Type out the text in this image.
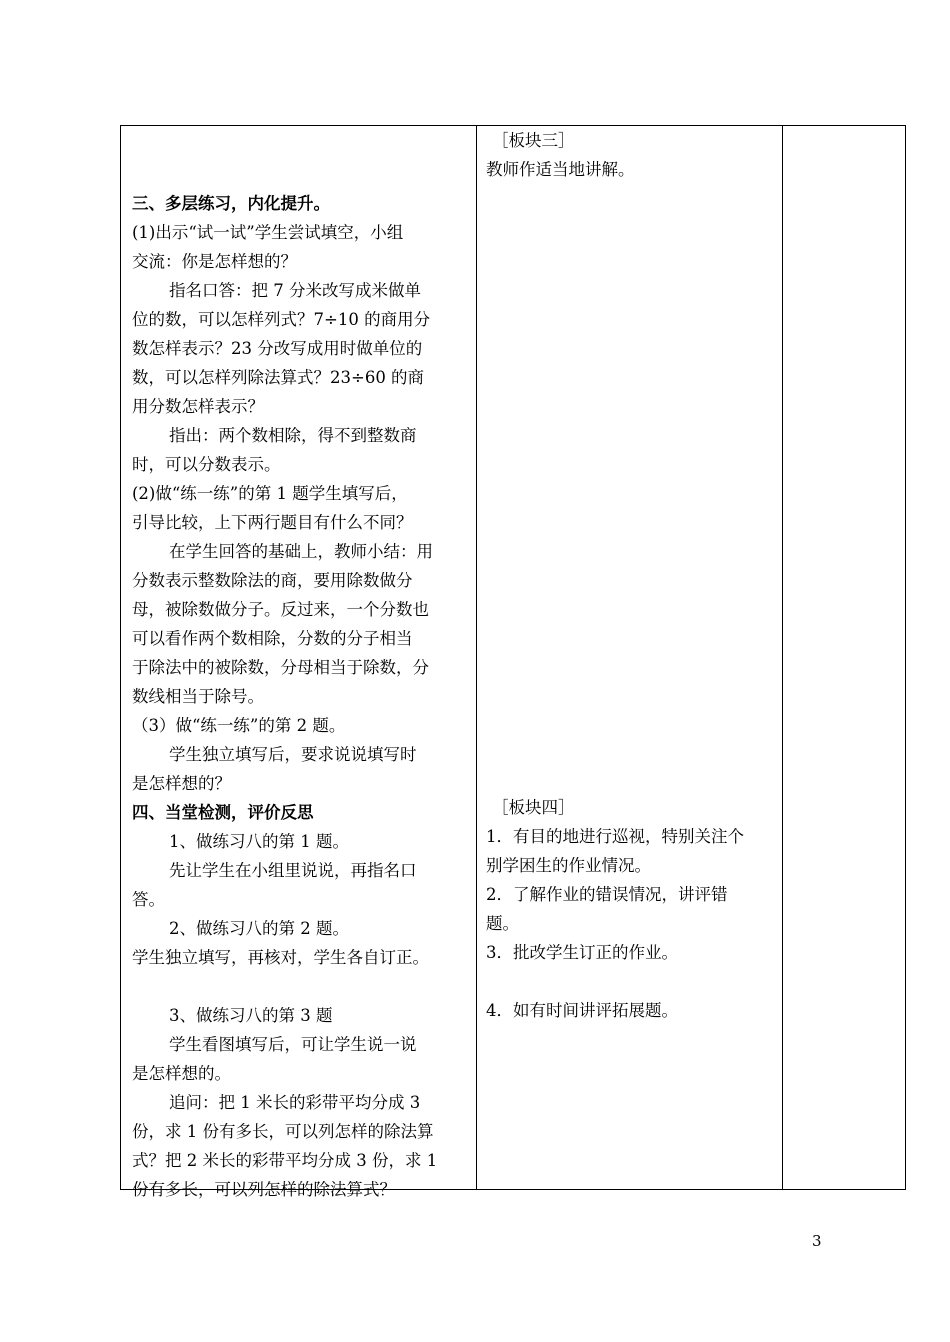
三、多层练习，内化提升。
(1)出示“试一试”学生尝试填空，小组
交流：你是怎样想的？
指名口答：把 7 分米改写成米做单
位的数，可以怎样列式？7÷10 的商用分
数怎样表示？23 分改写成用时做单位的
数，可以怎样列除法算式？23÷60 的商
用分数怎样表示？
指出：两个数相除，得不到整数商
时，可以分数表示。
(2)做“练一练”的第 1 题学生填写后，
引导比较，上下两行题目有什么不同？
在学生回答的基础上，教师小结：用
分数表示整数除法的商，要用除数做分
母，被除数做分子。反过来，一个分数也
可以看作两个数相除，分数的分子相当
于除法中的被除数，分母相当于除数，分
数线相当于除号。
（3）做“练一练”的第 2 题。
学生独立填写后，要求说说填写时
是怎样想的？
四、当堂检测，评价反思
1、做练习八的第 1 题。
先让学生在小组里说说，再指名口
答。
2、做练习八的第 2 题。
学生独立填写，再核对，学生各自订正。
3、做练习八的第 3 题
学生看图填写后，可让学生说一说
是怎样想的。
追问：把 1 米长的彩带平均分成 3
份，求 1 份有多长，可以列怎样的除法算
式？把 2 米长的彩带平均分成 3 份，求 1
份有多长，可以列怎样的除法算式？
［板块三］
教师作适当地讲解。
［板块四］
1．有目的地进行巡视，特别关注个
别学困生的作业情况。
2．了解作业的错误情况，讲评错
题。
3．批改学生订正的作业。
4．如有时间讲评拓展题。
3
